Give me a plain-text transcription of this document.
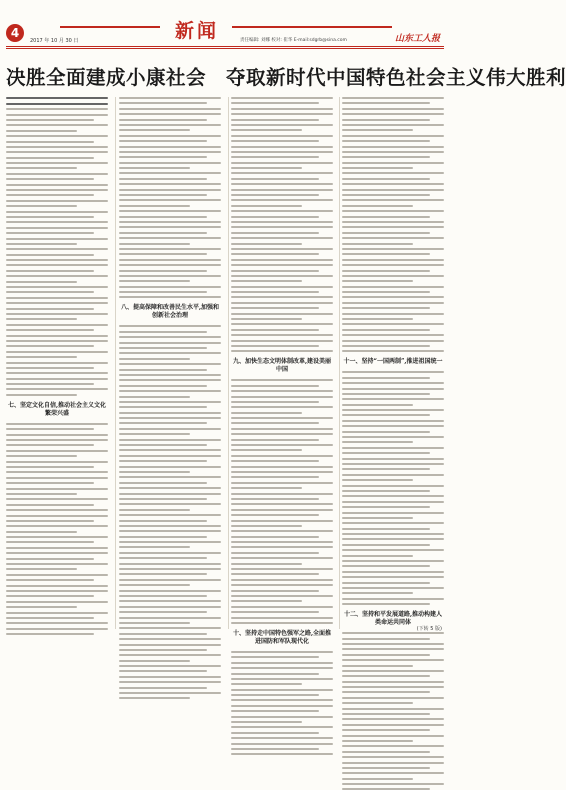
4	新闻
2017 年 10 月 30 日	责任编辑: 刘娜 校对: 崔华 E-mail:sdgrb@sina.com	山东工人报
决胜全面建成小康社会　夺取新时代中国特色社会主义伟大胜利
七、坚定文化自信,推动社会主义文化繁荣兴盛
八、提高保障和改善民生水平,加强和创新社会治理
九、加快生态文明体制改革,建设美丽中国
十、坚持走中国特色强军之路,全面推进国防和军队现代化
十一、坚持“一国两制”,推进祖国统一
十二、坚持和平发展道路,推动构建人类命运共同体
(下转 5 版)
